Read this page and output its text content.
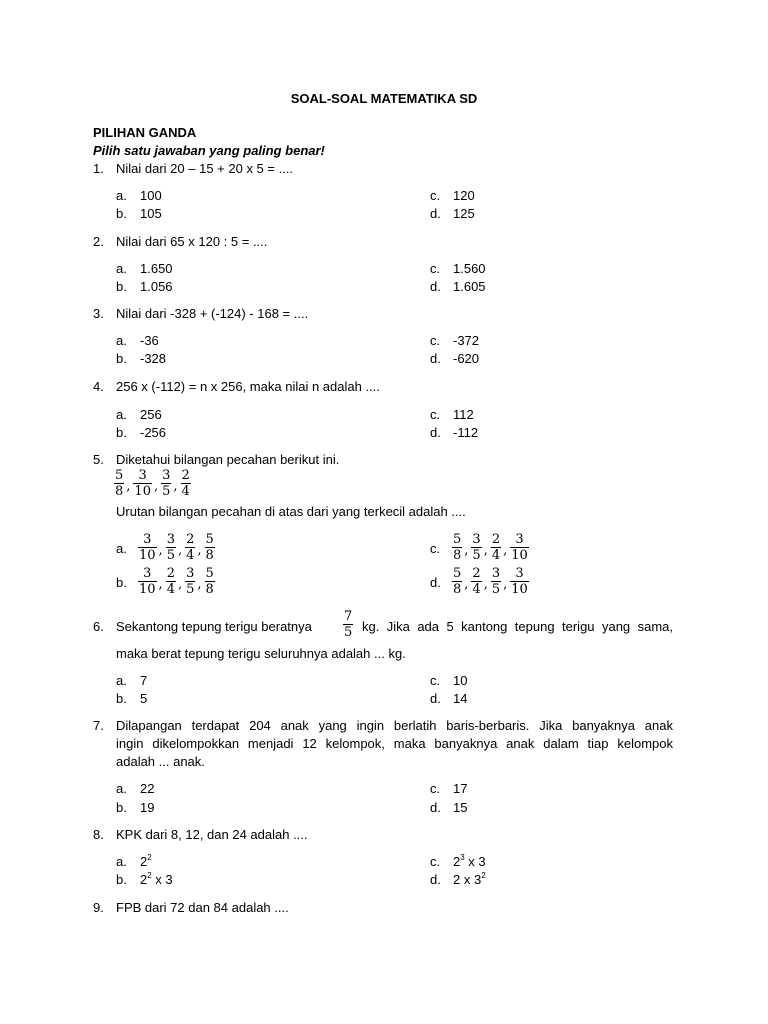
SOAL-SOAL MATEMATIKA SD
PILIHAN GANDA
Pilih satu jawaban yang paling benar!
1. Nilai dari 20 – 15 + 20 x 5 = ....
a. 100
b. 105
c. 120
d. 125
2. Nilai dari 65 x 120 : 5 = ....
a. 1.650
b. 1.056
c. 1.560
d. 1.605
3. Nilai dari -328 + (-124) - 168 = ....
a. -36
b. -328
c. -372
d. -620
4. 256 x (-112) = n x 256, maka nilai n adalah ....
a. 256
b. -256
c. 112
d. -112
5. Diketahui bilangan pecahan berikut ini.
$\frac{5}{8}$ , $\frac{3}{10}$ , $\frac{3}{5}$ , $\frac{2}{4}$
Urutan bilangan pecahan di atas dari yang terkecil adalah ....
a. $\frac{3}{10}$ , $\frac{3}{5}$ , $\frac{2}{4}$ , $\frac{5}{8}$
b. $\frac{3}{10}$ , $\frac{2}{4}$ , $\frac{3}{5}$ , $\frac{5}{8}$
c. $\frac{5}{8}$ , $\frac{3}{5}$ , $\frac{2}{4}$ , $\frac{3}{10}$
d. $\frac{5}{8}$ , $\frac{2}{4}$ , $\frac{3}{5}$ , $\frac{3}{10}$
6. Sekantong tepung terigu beratnya $\frac{7}{5}$ kg. Jika ada 5 kantong tepung terigu yang sama,
maka berat tepung terigu seluruhnya adalah ... kg.
a. 7
b. 5
c. 10
d. 14
7. Dilapangan terdapat 204 anak yang ingin berlatih baris-berbaris. Jika banyaknya anak
ingin dikelompokkan menjadi 12 kelompok, maka banyaknya anak dalam tiap kelompok
adalah ... anak.
a. 22
b. 19
c. 17
d. 15
8. KPK dari 8, 12, dan 24 adalah ....
a. $2^2$
b. $2^2$ x 3
c. $2^3$ x 3
d. 2 x $3^2$
9. FPB dari 72 dan 84 adalah ....
